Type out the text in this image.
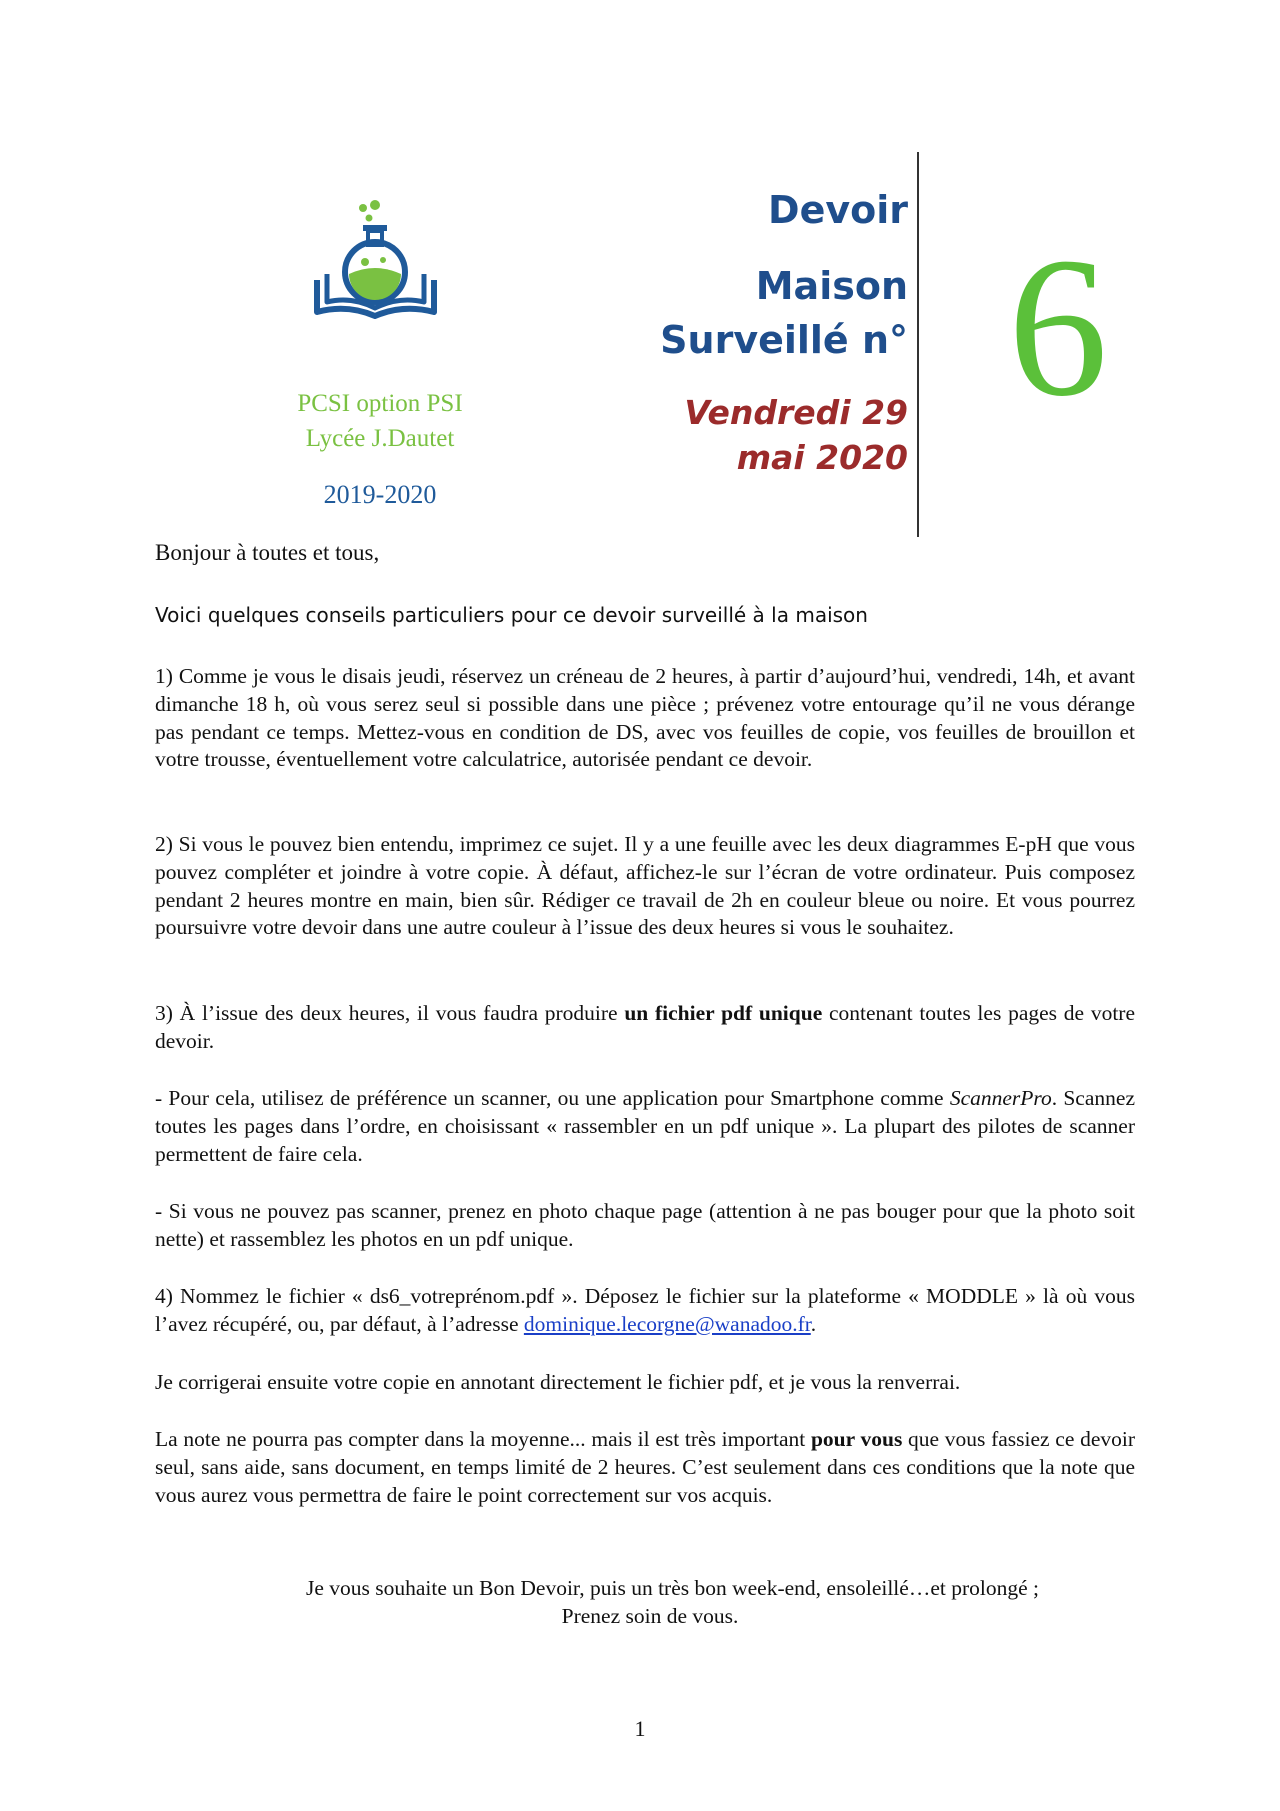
PCSI option PSI
Lycée J.Dautet
2019-2020
Devoir
Maison
Surveillé n°
Vendredi 29
mai 2020
6
Bonjour à toutes et tous,
Voici quelques conseils particuliers pour ce devoir surveillé à la maison

1) Comme je vous le disais jeudi, réservez un créneau de 2 heures, à partir d’aujourd’hui, vendredi, 14h, et avant dimanche 18 h, où vous serez seul si possible dans une pièce ; prévenez votre entourage qu’il ne vous dérange pas pendant ce temps. Mettez-vous en condition de DS, avec vos feuilles de copie, vos feuilles de brouillon et votre trousse, éventuellement votre calculatrice, autorisée pendant ce devoir.

2) Si vous le pouvez bien entendu, imprimez ce sujet. Il y a une feuille avec les deux diagrammes E-pH que vous pouvez compléter et joindre à votre copie. À défaut, affichez-le sur l’écran de votre ordinateur. Puis composez pendant 2 heures montre en main, bien sûr. Rédiger ce travail de 2h en couleur bleue ou noire. Et vous pourrez poursuivre votre devoir dans une autre couleur à l’issue des deux heures si vous le souhaitez.

3) À l’issue des deux heures, il vous faudra produire un fichier pdf unique contenant toutes les pages de votre devoir.

- Pour cela, utilisez de préférence un scanner, ou une application pour Smartphone comme ScannerPro. Scannez toutes les pages dans l’ordre, en choisissant « rassembler en un pdf unique ». La plupart des pilotes de scanner permettent de faire cela.

- Si vous ne pouvez pas scanner, prenez en photo chaque page (attention à ne pas bouger pour que la photo soit nette) et rassemblez les photos en un pdf unique.

4) Nommez le fichier « ds6_votreprénom.pdf ». Déposez le fichier sur la plateforme « MODDLE » là où vous l’avez récupéré, ou, par défaut, à l’adresse dominique.lecorgne@wanadoo.fr.

Je corrigerai ensuite votre copie en annotant directement le fichier pdf, et je vous la renverrai.

La note ne pourra pas compter dans la moyenne... mais il est très important pour vous que vous fassiez ce devoir seul, sans aide, sans document, en temps limité de 2 heures. C’est seulement dans ces conditions que la note que vous aurez vous permettra de faire le point correctement sur vos acquis.

Je vous souhaite un Bon Devoir, puis un très bon week-end, ensoleillé…et prolongé ;
Prenez soin de vous.
1
